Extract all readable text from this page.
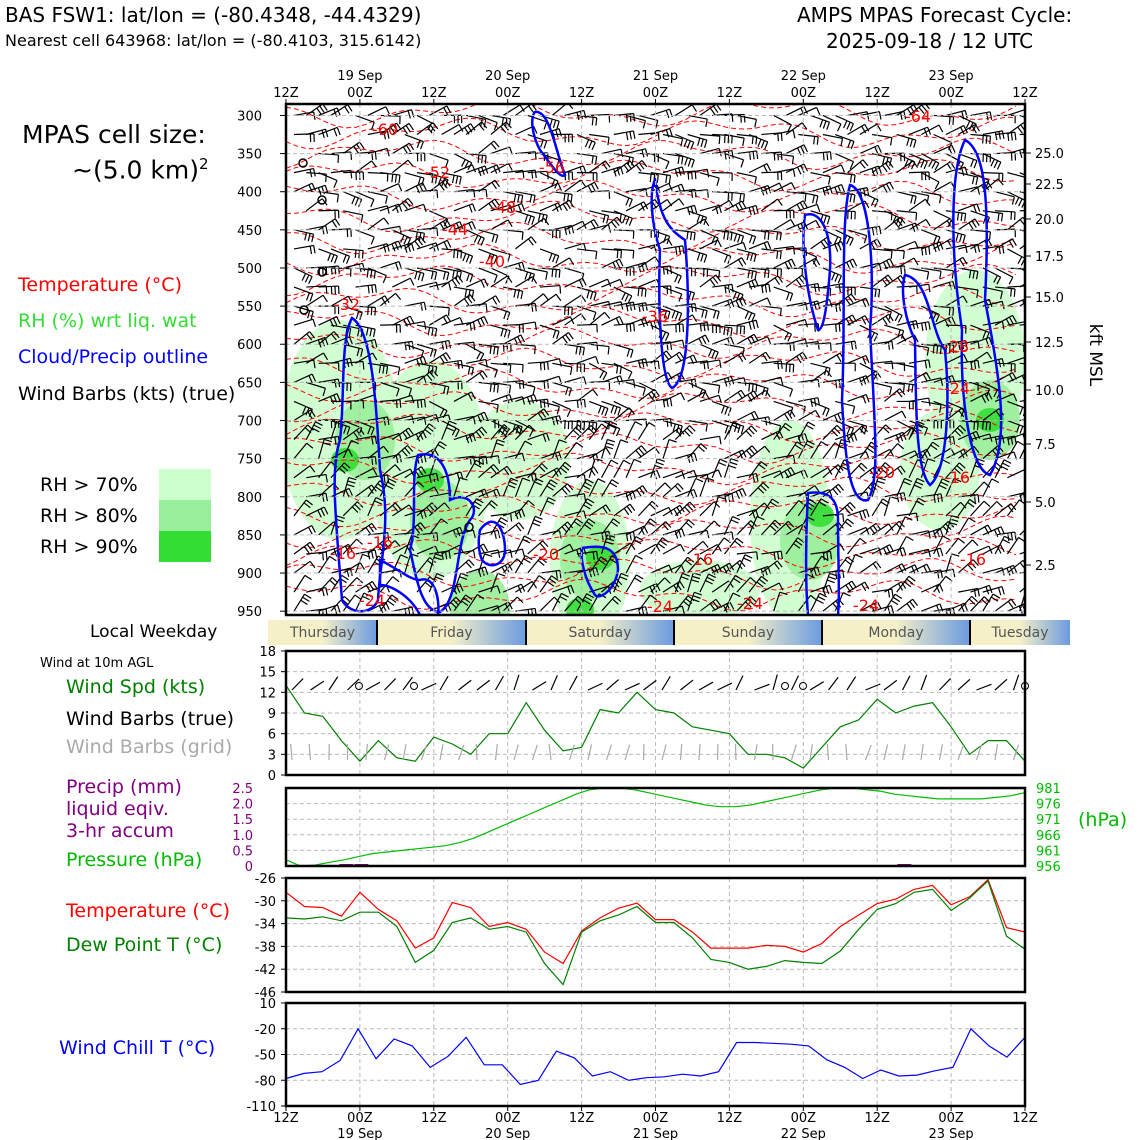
BAS FSW1: lat/lon = (-80.4348, -44.4329)
Nearest cell 643968: lat/lon = (-80.4103, 315.6142)
AMPS MPAS Forecast Cycle:
2025-09-18 / 12 UTC
MPAS cell size:
~(5.0 km)$^2$
Temperature (°C)
RH (%) wrt liq. wat
Cloud/Precip outline
Wind Barbs (kts) (true)
RH > 70%
RH > 80%
RH > 90%
Local Weekday
Wind at 10m AGL
Wind Spd (kts)
Wind Barbs (true)
Wind Barbs (grid)
Precip (mm)
liquid eqiv.
3-hr accum
Pressure (hPa)
(hPa)
Temperature (°C)
Dew Point T (°C)
Wind Chill T (°C)
300
350
400
450
500
550
600
650
700
750
800
850
900
950
-60
-52
-48
-44
-40
-36
-32
-16
-16
-24
-20	-16
-24
-24
-56
-64
-28
-24
-20	-16
-16
-24
25.0
22.5
20.0
17.5
15.0
12.5
10.0
7.5
5.0
2.5
kft MSL
Thursday	Friday	Saturday	Sunday	Monday	Tuesday
0
3
6
9
12
15
18
0
0.5
1.0
1.5
2.0
2.5
956
961
966
971
976
981
-26
-30
-34
-38
-42
-46
10
-20
-50
-80
-110
12Z
12Z
00Z
00Z
12Z
12Z
00Z
00Z
12Z
12Z
00Z
00Z
12Z
12Z
00Z
00Z
12Z
12Z
00Z
00Z
12Z
12Z
19 Sep
19 Sep
20 Sep
20 Sep
21 Sep
21 Sep
22 Sep
22 Sep
23 Sep
23 Sep
